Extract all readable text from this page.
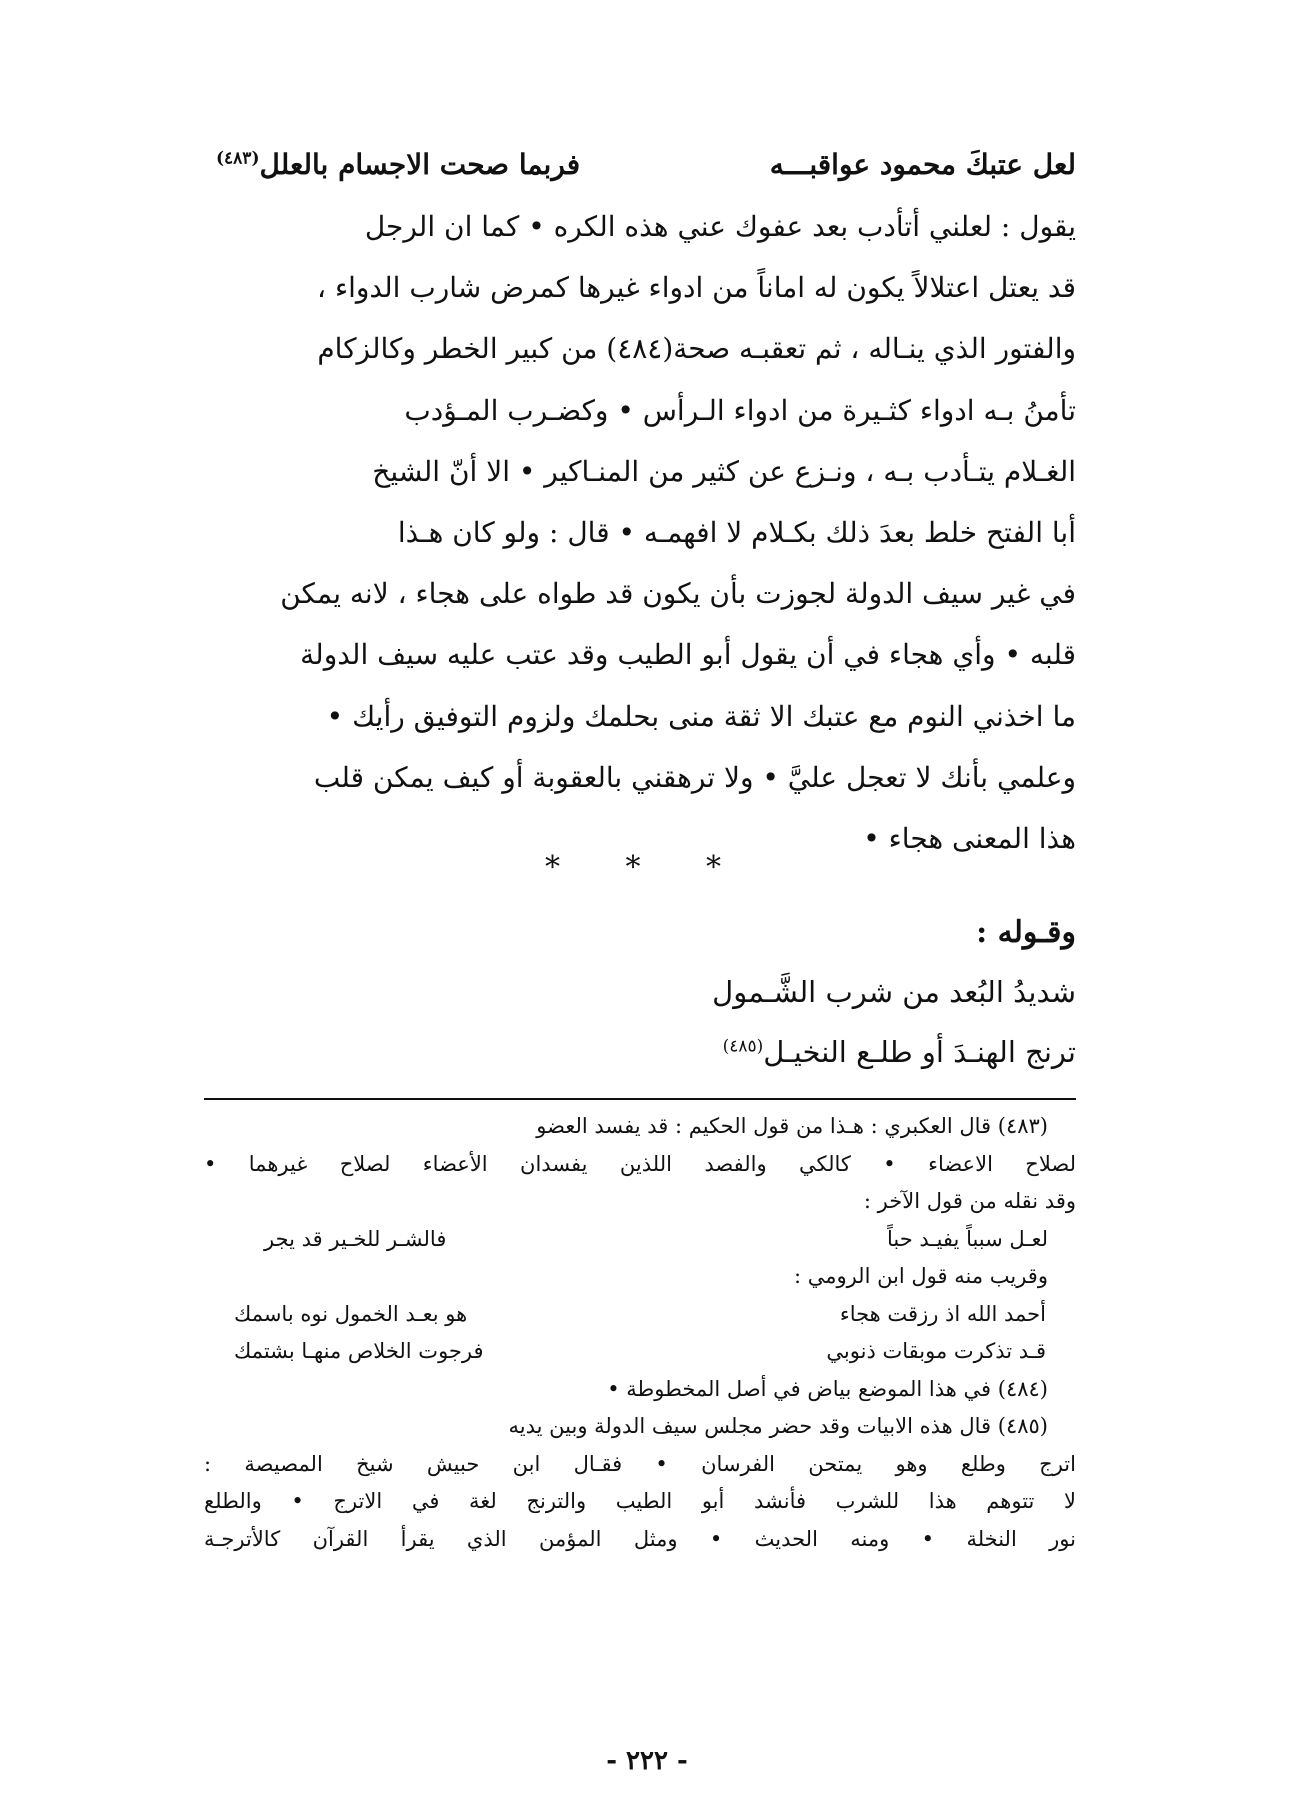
لعل عتبكَ محمود عواقبـــه
فربما صحت الاجسام بالعلل$^{(٤٨٣)}$

يقول : لعلني أتأدب بعد عفوك عني هذه الكره • كما ان الرجل

قد يعتل اعتلالاً يكون له اماناً من ادواء غيرها كمرض شارب الدواء ،

والفتور الذي ينـاله ، ثم تعقبـه صحة(٤٨٤) من كبير الخطر وكالزكام

تأمنُ بـه ادواء كثـيرة من ادواء الـرأس • وكضـرب المـؤدب

الغـلام يتـأدب بـه ، ونـزع عن كثير من المنـاكير • الا أنّ الشيخ

أبا الفتح خلط بعدَ ذلك بكـلام لا افهمـه • قال : ولو كان هـذا

في غير سيف الدولة لجوزت بأن يكون قد طواه على هجاء ، لانه يمكن

قلبه • وأي هجاء في أن يقول أبو الطيب وقد عتب عليه سيف الدولة

ما اخذني النوم مع عتبك الا ثقة منى بحلمك ولزوم التوفيق رأيك •

وعلمي بأنك لا تعجل عليَّ • ولا ترهقني بالعقوبة أو كيف يمكن قلب

هذا المعنى هجاء •

* * *
وقـوله :
شديدُ البُعد من شرب الشَّـمول
ترنج الهنـدَ أو طلـع النخيـل$^{(٤٨٥)}$

(٤٨٣) قال العكبري : هـذا من قول الحكيم : قد يفسد العضو

لصلاح الاعضاء • كالكي والفصد اللذين يفسدان الأعضاء لصلاح غيرهما •

وقد نقله من قول الآخر :

لعـل سبباً يفيـد حباً
فالشـر للخـير قد يجر

وقريب منه قول ابن الرومي :

أحمد الله اذ رزقت هجاء
هو بعـد الخمول نوه باسمك
قـد تذكرت موبقات ذنوبي
فرجوت الخلاص منهـا بشتمك

(٤٨٤) في هذا الموضع بياض في أصل المخطوطة •

(٤٨٥) قال هذه الابيات وقد حضر مجلس سيف الدولة وبين يديه

اترج وطلع وهو يمتحن الفرسان • فقـال ابن حبيش شيخ المصيصة :

لا تتوهم هذا للشرب فأنشد أبو الطيب والترنج لغة في الاترج • والطلع

نور النخلة • ومنه الحديث • ومثل المؤمن الذي يقرأ القرآن كالأترجـة

- ٢٢٢ -
